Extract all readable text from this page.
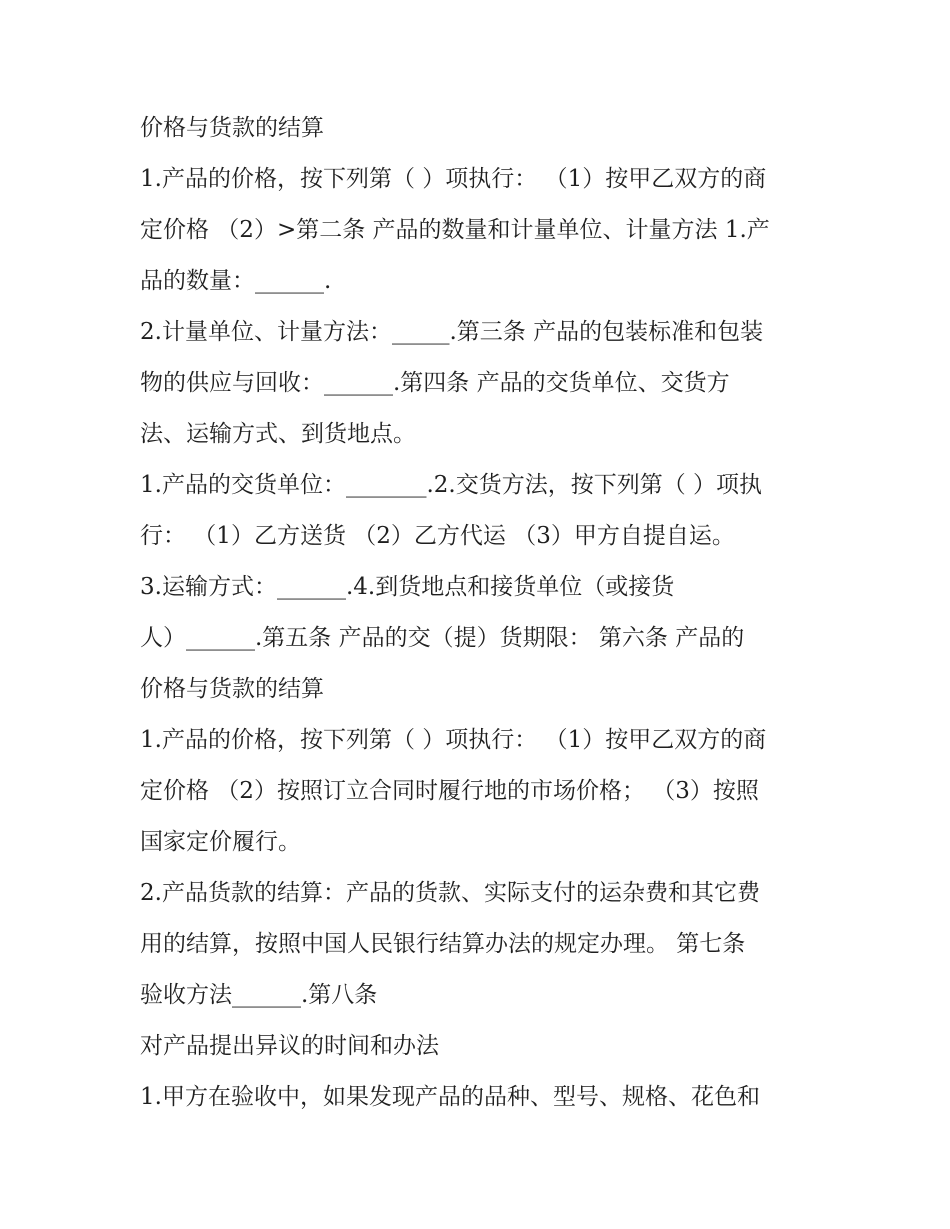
价格与货款的结算
1.产品的价格，按下列第（ ）项执行： （1）按甲乙双方的商
定价格 （2）>第二条 产品的数量和计量单位、计量方法 1.产
品的数量：______.
2.计量单位、计量方法：_____.第三条 产品的包装标准和包装
物的供应与回收：______.第四条 产品的交货单位、交货方
法、运输方式、到货地点。
1.产品的交货单位：_______.2.交货方法，按下列第（ ）项执
行： （1）乙方送货 （2）乙方代运 （3）甲方自提自运。
3.运输方式：______.4.到货地点和接货单位（或接货
人）______.第五条 产品的交（提）货期限： 第六条 产品的
价格与货款的结算
1.产品的价格，按下列第（ ）项执行： （1）按甲乙双方的商
定价格 （2）按照订立合同时履行地的市场价格； （3）按照
国家定价履行。
2.产品货款的结算：产品的货款、实际支付的运杂费和其它费
用的结算，按照中国人民银行结算办法的规定办理。 第七条
验收方法______.第八条
对产品提出异议的时间和办法
1.甲方在验收中，如果发现产品的品种、型号、规格、花色和
